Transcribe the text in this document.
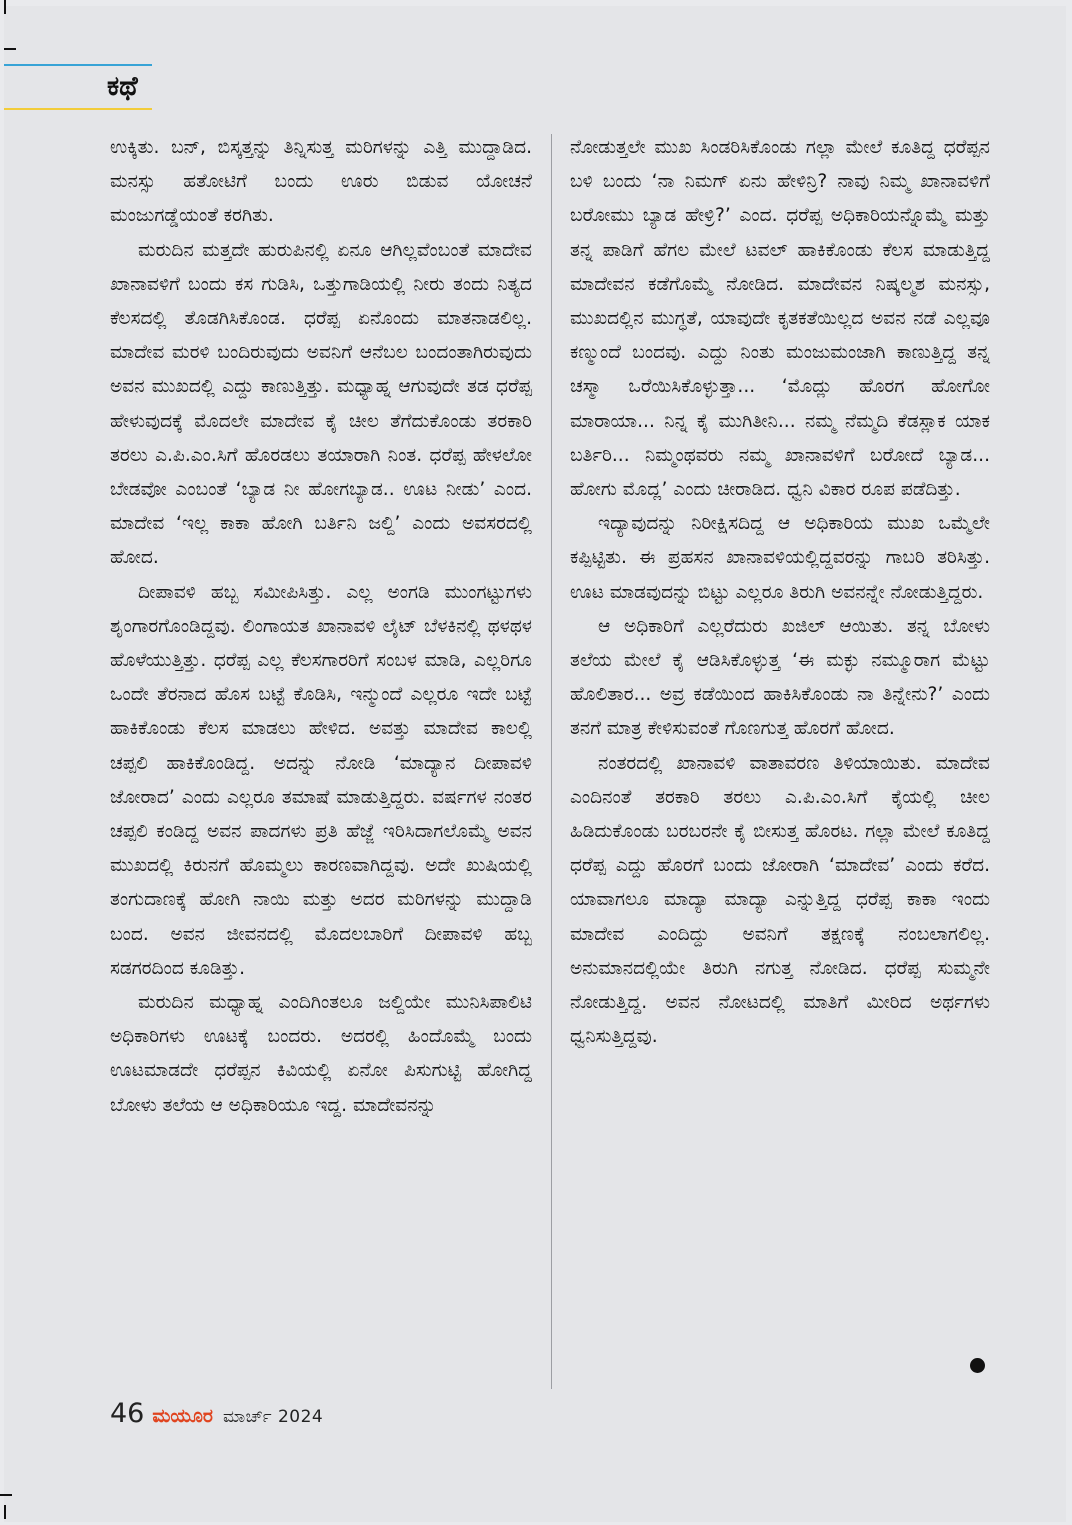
ಕಥೆ

ಉಕ್ಕಿತು. ಬನ್, ಬಿಸ್ಕತ್ತನ್ನು ತಿನ್ನಿಸುತ್ತ ಮರಿಗಳನ್ನು ಎತ್ತಿ ಮುದ್ದಾಡಿದ. ಮನಸ್ಸು ಹತೋಟಿಗೆ ಬಂದು ಊರು ಬಿಡುವ ಯೋಚನೆ ಮಂಜುಗಡ್ಡೆಯಂತೆ ಕರಗಿತು.

ಮರುದಿನ ಮತ್ತದೇ ಹುರುಪಿನಲ್ಲಿ ಏನೂ ಆಗಿಲ್ಲವೆಂಬಂತೆ ಮಾದೇವ ಖಾನಾವಳಿಗೆ ಬಂದು ಕಸ ಗುಡಿಸಿ, ಒತ್ತುಗಾಡಿಯಲ್ಲಿ ನೀರು ತಂದು ನಿತ್ಯದ ಕೆಲಸದಲ್ಲಿ ತೊಡಗಿಸಿಕೊಂಡ. ಧರೆಪ್ಪ ಏನೊಂದು ಮಾತನಾಡಲಿಲ್ಲ. ಮಾದೇವ ಮರಳಿ ಬಂದಿರುವುದು ಅವನಿಗೆ ಆನೆಬಲ ಬಂದಂತಾಗಿರುವುದು ಅವನ ಮುಖದಲ್ಲಿ ಎದ್ದು ಕಾಣುತ್ತಿತ್ತು. ಮಧ್ಯಾಹ್ನ ಆಗುವುದೇ ತಡ ಧರೆಪ್ಪ ಹೇಳುವುದಕ್ಕೆ ಮೊದಲೇ ಮಾದೇವ ಕೈ ಚೀಲ ತೆಗೆದುಕೊಂಡು ತರಕಾರಿ ತರಲು ಎ.ಪಿ.ಎಂ.ಸಿಗೆ ಹೊರಡಲು ತಯಾರಾಗಿ ನಿಂತ. ಧರೆಪ್ಪ ಹೇಳಲೋ ಬೇಡವೋ ಎಂಬಂತೆ ‘ಬ್ಯಾಡ ನೀ ಹೋಗಬ್ಯಾಡ.. ಊಟ ನೀಡು’ ಎಂದ. ಮಾದೇವ ‘ಇಲ್ಲ ಕಾಕಾ ಹೋಗಿ ಬರ್ತಿನಿ ಜಲ್ದಿ’ ಎಂದು ಅವಸರದಲ್ಲಿ ಹೋದ.

ದೀಪಾವಳಿ ಹಬ್ಬ ಸಮೀಪಿಸಿತ್ತು. ಎಲ್ಲ ಅಂಗಡಿ ಮುಂಗಟ್ಟುಗಳು ಶೃಂಗಾರಗೊಂಡಿದ್ದವು. ಲಿಂಗಾಯತ ಖಾನಾವಳಿ ಲೈಟ್ ಬೆಳಕಿನಲ್ಲಿ ಥಳಥಳ ಹೊಳೆಯುತ್ತಿತ್ತು. ಧರೆಪ್ಪ ಎಲ್ಲ ಕೆಲಸಗಾರರಿಗೆ ಸಂಬಳ ಮಾಡಿ, ಎಲ್ಲರಿಗೂ ಒಂದೇ ತೆರನಾದ ಹೊಸ ಬಟ್ಟೆ ಕೊಡಿಸಿ, ಇನ್ಮುಂದೆ ಎಲ್ಲರೂ ಇದೇ ಬಟ್ಟೆ ಹಾಕಿಕೊಂಡು ಕೆಲಸ ಮಾಡಲು ಹೇಳಿದ. ಅವತ್ತು ಮಾದೇವ ಕಾಲಲ್ಲಿ ಚಪ್ಪಲಿ ಹಾಕಿಕೊಂಡಿದ್ದ. ಅದನ್ನು ನೋಡಿ ‘ಮಾದ್ಯಾನ ದೀಪಾವಳಿ ಜೋರಾದ’ ಎಂದು ಎಲ್ಲರೂ ತಮಾಷೆ ಮಾಡುತ್ತಿದ್ದರು. ವರ್ಷಗಳ ನಂತರ ಚಪ್ಪಲಿ ಕಂಡಿದ್ದ ಅವನ ಪಾದಗಳು ಪ್ರತಿ ಹೆಜ್ಜೆ ಇರಿಸಿದಾಗಲೊಮ್ಮೆ ಅವನ ಮುಖದಲ್ಲಿ ಕಿರುನಗೆ ಹೊಮ್ಮಲು ಕಾರಣವಾಗಿದ್ದವು. ಅದೇ ಖುಷಿಯಲ್ಲಿ ತಂಗುದಾಣಕ್ಕೆ ಹೋಗಿ ನಾಯಿ ಮತ್ತು ಅದರ ಮರಿಗಳನ್ನು ಮುದ್ದಾಡಿ ಬಂದ. ಅವನ ಜೀವನದಲ್ಲಿ ಮೊದಲಬಾರಿಗೆ ದೀಪಾವಳಿ ಹಬ್ಬ ಸಡಗರದಿಂದ ಕೂಡಿತ್ತು.

ಮರುದಿನ ಮಧ್ಯಾಹ್ನ ಎಂದಿಗಿಂತಲೂ ಜಲ್ದಿಯೇ ಮುನಿಸಿಪಾಲಿಟಿ ಅಧಿಕಾರಿಗಳು ಊಟಕ್ಕೆ ಬಂದರು. ಅದರಲ್ಲಿ ಹಿಂದೊಮ್ಮೆ ಬಂದು ಊಟಮಾಡದೇ ಧರೆಪ್ಪನ ಕಿವಿಯಲ್ಲಿ ಏನೋ ಪಿಸುಗುಟ್ಟಿ ಹೋಗಿದ್ದ ಬೋಳು ತಲೆಯ ಆ ಅಧಿಕಾರಿಯೂ ಇದ್ದ. ಮಾದೇವನನ್ನು

ನೋಡುತ್ತಲೇ ಮುಖ ಸಿಂಡರಿಸಿಕೊಂಡು ಗಲ್ಲಾ ಮೇಲೆ ಕೂತಿದ್ದ ಧರೆಪ್ಪನ ಬಳಿ ಬಂದು ‘ನಾ ನಿಮಗ್ ಏನು ಹೇಳಿನ್ರಿ? ನಾವು ನಿಮ್ಮ ಖಾನಾವಳಿಗೆ ಬರೋಮು ಬ್ಯಾಡ ಹೇಳ್ರಿ?’ ಎಂದ. ಧರೆಪ್ಪ ಅಧಿಕಾರಿಯನ್ನೊಮ್ಮೆ ಮತ್ತು ತನ್ನ ಪಾಡಿಗೆ ಹೆಗಲ ಮೇಲೆ ಟವಲ್ ಹಾಕಿಕೊಂಡು ಕೆಲಸ ಮಾಡುತ್ತಿದ್ದ ಮಾದೇವನ ಕಡೆಗೊಮ್ಮೆ ನೋಡಿದ. ಮಾದೇವನ ನಿಷ್ಕಲ್ಮಶ ಮನಸ್ಸು, ಮುಖದಲ್ಲಿನ ಮುಗ್ಧತೆ, ಯಾವುದೇ ಕೃತಕತೆಯಿಲ್ಲದ ಅವನ ನಡೆ ಎಲ್ಲವೂ ಕಣ್ಮುಂದೆ ಬಂದವು. ಎದ್ದು ನಿಂತು ಮಂಜುಮಂಜಾಗಿ ಕಾಣುತ್ತಿದ್ದ ತನ್ನ ಚಸ್ಮಾ ಒರೆಯಿಸಿಕೊಳ್ಳುತ್ತಾ... ‘ಮೊದ್ಲು ಹೊರಗ ಹೋಗೋ ಮಾರಾಯಾ... ನಿನ್ನ ಕೈ ಮುಗಿತೀನಿ... ನಮ್ಮ ನೆಮ್ಮದಿ ಕೆಡಸ್ಲಾಕ ಯಾಕ ಬರ್ತಿರಿ... ನಿಮ್ಮಂಥವರು ನಮ್ಮ ಖಾನಾವಳಿಗೆ ಬರೋದೆ ಬ್ಯಾಡ... ಹೋಗು ಮೊದ್ಲ’ ಎಂದು ಚೀರಾಡಿದ. ಧ್ವನಿ ವಿಕಾರ ರೂಪ ಪಡೆದಿತ್ತು.

ಇದ್ಯಾವುದನ್ನು ನಿರೀಕ್ಷಿಸದಿದ್ದ ಆ ಅಧಿಕಾರಿಯ ಮುಖ ಒಮ್ಮೆಲೇ ಕಪ್ಪಿಟ್ಟಿತು. ಈ ಪ್ರಹಸನ ಖಾನಾವಳಿಯಲ್ಲಿದ್ದವರನ್ನು ಗಾಬರಿ ತರಿಸಿತ್ತು. ಊಟ ಮಾಡವುದನ್ನು ಬಿಟ್ಟು ಎಲ್ಲರೂ ತಿರುಗಿ ಅವನನ್ನೇ ನೋಡುತ್ತಿದ್ದರು.

ಆ ಅಧಿಕಾರಿಗೆ ಎಲ್ಲರೆದುರು ಖಜಿಲ್ ಆಯಿತು. ತನ್ನ ಬೋಳು ತಲೆಯ ಮೇಲೆ ಕೈ ಆಡಿಸಿಕೊಳ್ಳುತ್ತ ‘ಈ ಮಕ್ಳು ನಮ್ಮೂರಾಗ ಮೆಟ್ಟು ಹೊಲಿತಾರ... ಅವ್ರ ಕಡೆಯಿಂದ ಹಾಕಿಸಿಕೊಂಡು ನಾ ತಿನ್ನೇನು?’ ಎಂದು ತನಗೆ ಮಾತ್ರ ಕೇಳಿಸುವಂತೆ ಗೊಣಗುತ್ತ ಹೊರಗೆ ಹೋದ.

ನಂತರದಲ್ಲಿ ಖಾನಾವಳಿ ವಾತಾವರಣ ತಿಳಿಯಾಯಿತು. ಮಾದೇವ ಎಂದಿನಂತೆ ತರಕಾರಿ ತರಲು ಎ.ಪಿ.ಎಂ.ಸಿಗೆ ಕೈಯಲ್ಲಿ ಚೀಲ ಹಿಡಿದುಕೊಂಡು ಬರಬರನೇ ಕೈ ಬೀಸುತ್ತ ಹೊರಟ. ಗಲ್ಲಾ ಮೇಲೆ ಕೂತಿದ್ದ ಧರೆಪ್ಪ ಎದ್ದು ಹೊರಗೆ ಬಂದು ಜೋರಾಗಿ ‘ಮಾದೇವ’ ಎಂದು ಕರೆದ. ಯಾವಾಗಲೂ ಮಾದ್ಯಾ ಮಾದ್ಯಾ ಎನ್ನುತ್ತಿದ್ದ ಧರೆಪ್ಪ ಕಾಕಾ ಇಂದು ಮಾದೇವ ಎಂದಿದ್ದು ಅವನಿಗೆ ತಕ್ಷಣಕ್ಕೆ ನಂಬಲಾಗಲಿಲ್ಲ. ಅನುಮಾನದಲ್ಲಿಯೇ ತಿರುಗಿ ನಗುತ್ತ ನೋಡಿದ. ಧರೆಪ್ಪ ಸುಮ್ಮನೇ ನೋಡುತ್ತಿದ್ದ. ಅವನ ನೋಟದಲ್ಲಿ ಮಾತಿಗೆ ಮೀರಿದ ಅರ್ಥಗಳು ಧ್ವನಿಸುತ್ತಿದ್ದವು.

46 ಮಯೂರ ಮಾರ್ಚ್ 2024
